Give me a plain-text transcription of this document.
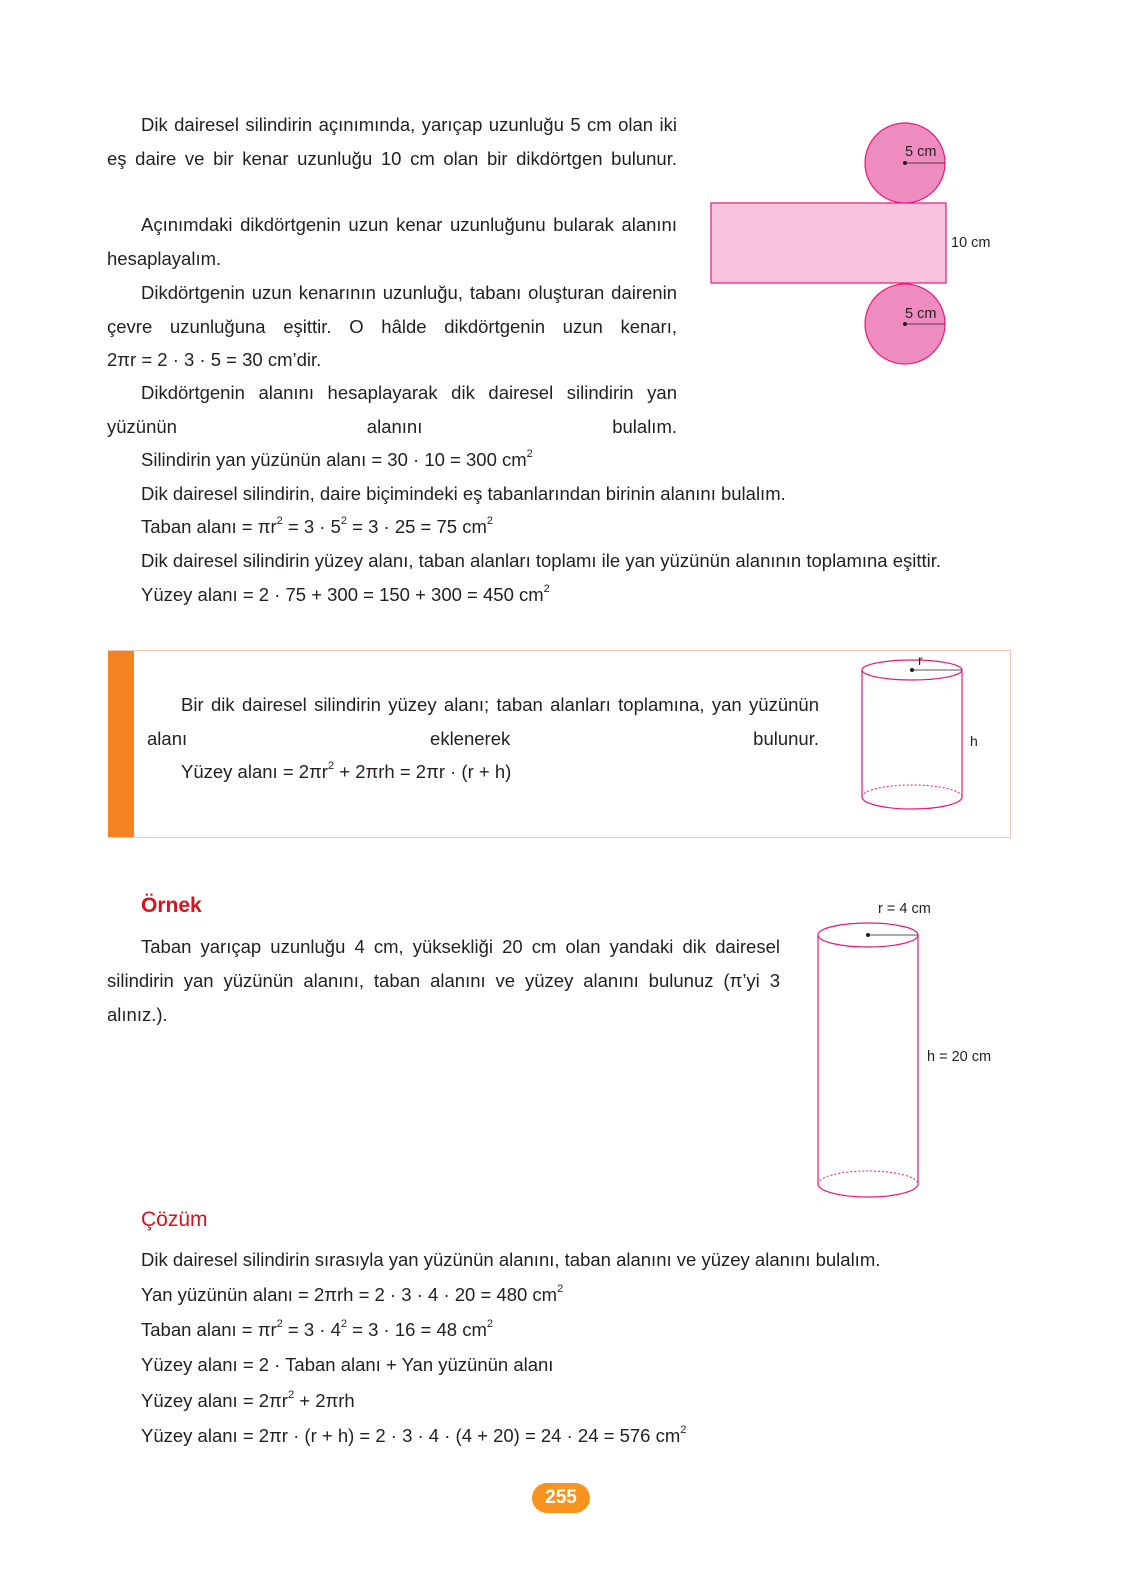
Dik dairesel silindirin açınımında, yarıçap uzunluğu 5 cm olan iki eş daire ve bir kenar uzunluğu 10 cm olan bir dikdörtgen bulunur.

Açınımdaki dikdörtgenin uzun kenar uzunluğunu bularak alanını hesaplayalım.

Dikdörtgenin uzun kenarının uzunluğu, tabanı oluşturan dairenin çevre uzunluğuna eşittir. O hâlde dikdörtgenin uzun kenarı,

2πr = 2 · 3 · 5 = 30 cm’dir.

Dikdörtgenin alanını hesaplayarak dik dairesel silindirin yan yüzünün alanını bulalım.

Silindirin yan yüzünün alanı = 30 · 10 = 300 $cm^2$

Dik dairesel silindirin, daire biçimindeki eş tabanlarından birinin alanını bulalım.

Taban alanı = $\pi r^2 = 3 \cdot 5^2 = 3 \cdot 25 = 75$ $cm^2$

Dik dairesel silindirin yüzey alanı, taban alanları toplamı ile yan yüzünün alanının toplamına eşittir.

Yüzey alanı = 2 · 75 + 300 = 150 + 300 = 450 $cm^2$

5 cm
10 cm
5 cm

Bir dik dairesel silindirin yüzey alanı; taban alanları toplamına, yan yüzünün alanı eklenerek bulunur.

Yüzey alanı = $2\pi r^2 + 2\pi rh = 2\pi r \cdot (r + h)$

r
h

Örnek

Taban yarıçap uzunluğu 4 cm, yüksekliği 20 cm olan yandaki dik dairesel silindirin yan yüzünün alanını, taban alanını ve yüzey alanını bulunuz (π’yi 3 alınız.).

r = 4 cm
h = 20 cm

Çözüm

Dik dairesel silindirin sırasıyla yan yüzünün alanını, taban alanını ve yüzey alanını bulalım.

Yan yüzünün alanı = 2πrh = 2 · 3 · 4 · 20 = 480 $cm^2$

Taban alanı = $\pi r^2 = 3 \cdot 4^2 = 3 \cdot 16 = 48$ $cm^2$

Yüzey alanı = 2 · Taban alanı + Yan yüzünün alanı

Yüzey alanı = $2\pi r^2 + 2\pi rh$

Yüzey alanı = 2πr · (r + h) = 2 · 3 · 4 · (4 + 20) = 24 · 24 = 576 $cm^2$

255
